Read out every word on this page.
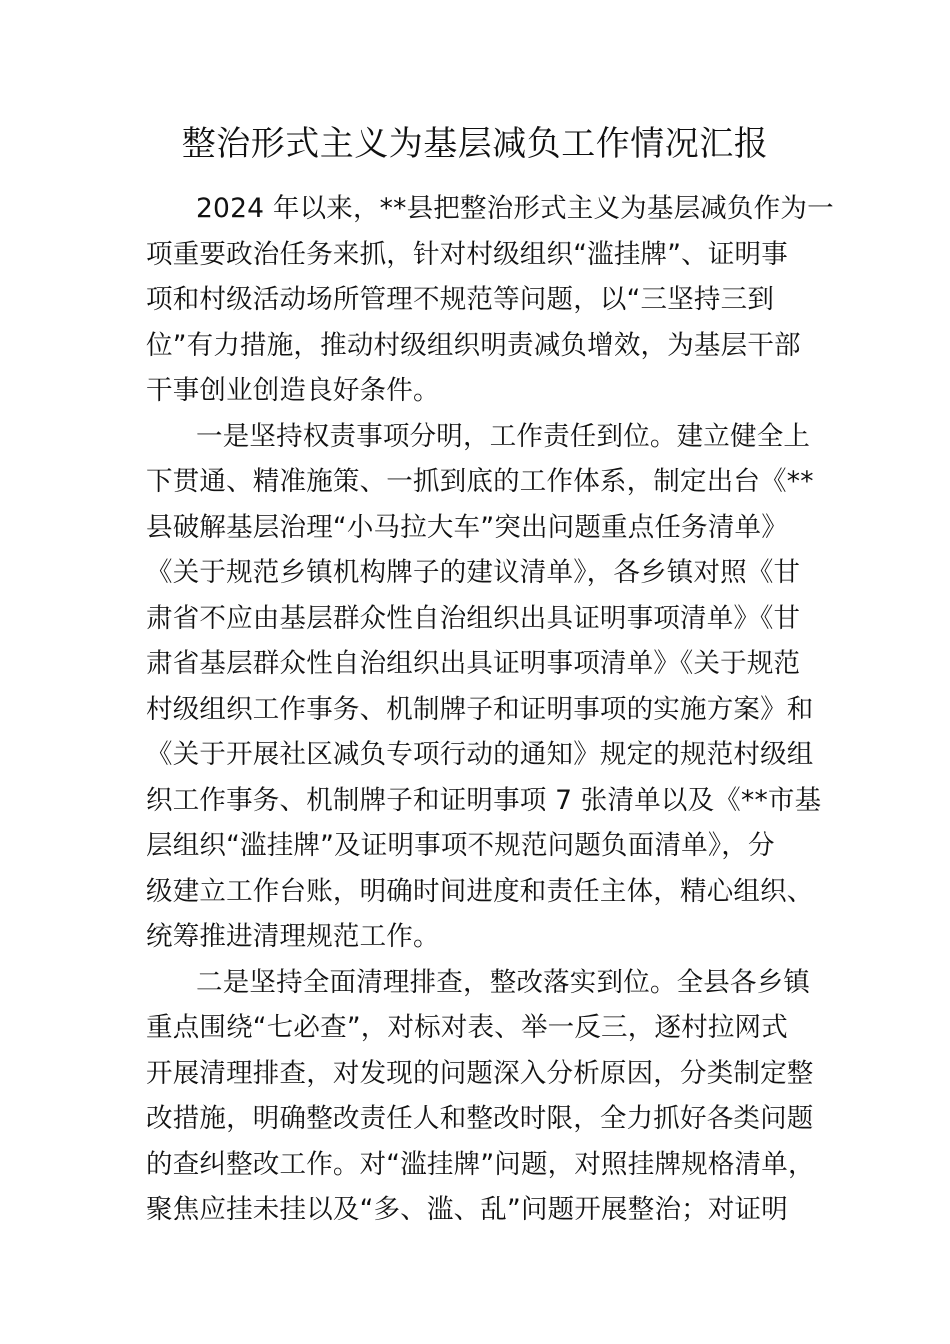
整治形式主义为基层减负工作情况汇报
2024 年以来，**县把整治形式主义为基层减负作为一
项重要政治任务来抓，针对村级组织“滥挂牌”、证明事
项和村级活动场所管理不规范等问题，以“三坚持三到
位”有力措施，推动村级组织明责减负增效，为基层干部
干事创业创造良好条件。
一是坚持权责事项分明，工作责任到位。建立健全上
下贯通、精准施策、一抓到底的工作体系，制定出台《**
县破解基层治理“小马拉大车”突出问题重点任务清单》
《关于规范乡镇机构牌子的建议清单》，各乡镇对照《甘
肃省不应由基层群众性自治组织出具证明事项清单》《甘
肃省基层群众性自治组织出具证明事项清单》《关于规范
村级组织工作事务、机制牌子和证明事项的实施方案》和
《关于开展社区减负专项行动的通知》规定的规范村级组
织工作事务、机制牌子和证明事项 7 张清单以及《**市基
层组织“滥挂牌”及证明事项不规范问题负面清单》，分
级建立工作台账，明确时间进度和责任主体，精心组织、
统筹推进清理规范工作。
二是坚持全面清理排查，整改落实到位。全县各乡镇
重点围绕“七必查”，对标对表、举一反三，逐村拉网式
开展清理排查，对发现的问题深入分析原因，分类制定整
改措施，明确整改责任人和整改时限，全力抓好各类问题
的查纠整改工作。对“滥挂牌”问题，对照挂牌规格清单，
聚焦应挂未挂以及“多、滥、乱”问题开展整治；对证明
